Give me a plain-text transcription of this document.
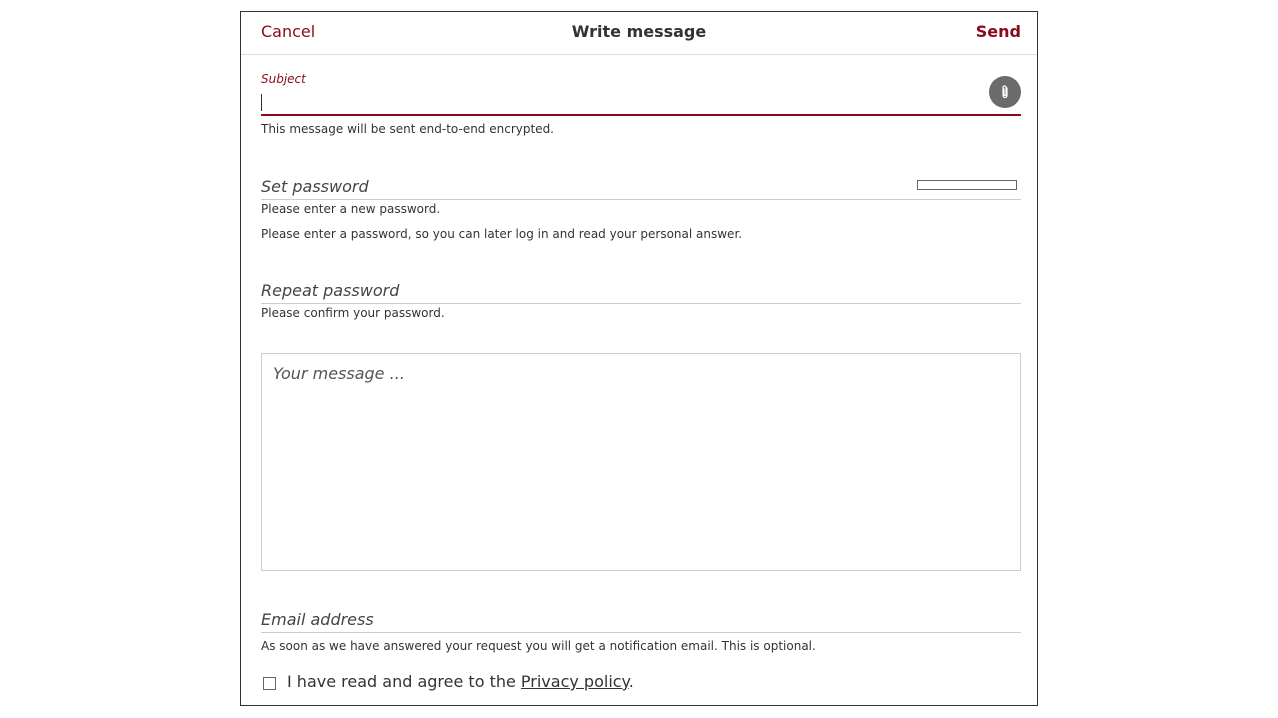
Cancel	Write message	Send
Subject
This message will be sent end-to-end encrypted.
Set password
Please enter a new password.
Please enter a password, so you can later log in and read your personal answer.
Repeat password
Please confirm your password.
Your message ...
Email address
As soon as we have answered your request you will get a notification email. This is optional.
I have read and agree to the Privacy policy.
